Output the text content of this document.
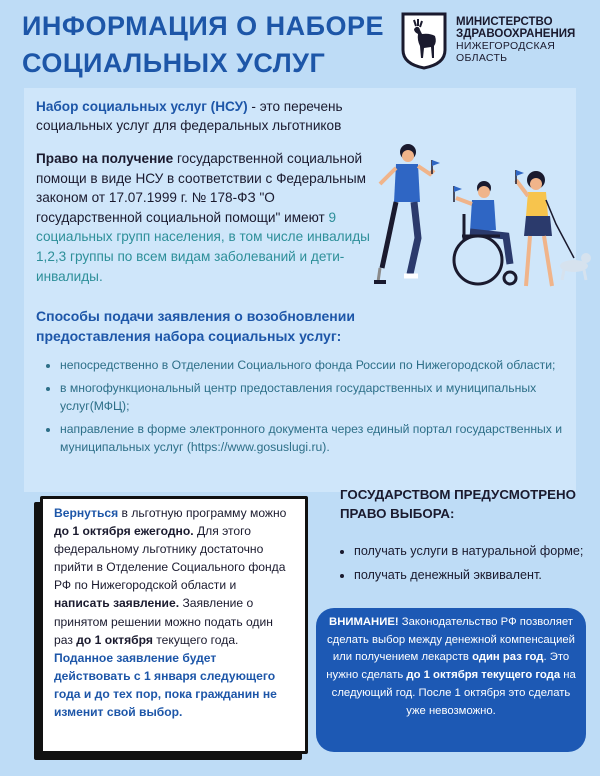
ИНФОРМАЦИЯ О НАБОРЕ
СОЦИАЛЬНЫХ УСЛУГ
МИНИСТЕРСТВО
ЗДРАВООХРАНЕНИЯ
НИЖЕГОРОДСКАЯ
ОБЛАСТЬ
Набор социальных услуг (НСУ) - это перечень социальных услуг для федеральных льготников
Право на получение государственной социальной помощи в виде НСУ в соответствии с Федеральным законом от 17.07.1999 г. № 178-ФЗ "О государственной социальной помощи" имеют 9 социальных групп населения, в том числе инвалиды 1,2,3 группы по всем видам заболеваний и дети-инвалиды.
Способы подачи заявления о возобновлении предоставления набора социальных услуг:
• непосредственно в Отделении Социального фонда России по Нижегородской области;
• в многофункциональный центр предоставления государственных и муниципальных услуг(МФЦ);
• направление в форме электронного документа через единый портал государственных и муниципальных услуг (https://www.gosuslugi.ru).
Вернуться в льготную программу можно до 1 октября ежегодно. Для этого федеральному льготнику достаточно прийти в Отделение Социального фонда РФ по Нижегородской области и написать заявление. Заявление о принятом решении можно подать один раз до 1 октября текущего года. Поданное заявление будет действовать с 1 января следующего года и до тех пор, пока гражданин не изменит свой выбор.
ГОСУДАРСТВОМ ПРЕДУСМОТРЕНО ПРАВО ВЫБОРА:
• получать услуги в натуральной форме;
• получать денежный эквивалент.
ВНИМАНИЕ! Законодательство РФ позволяет сделать выбор между денежной компенсацией или получением лекарств один раз год. Это нужно сделать до 1 октября текущего года на следующий год. После 1 октября это сделать уже невозможно.
